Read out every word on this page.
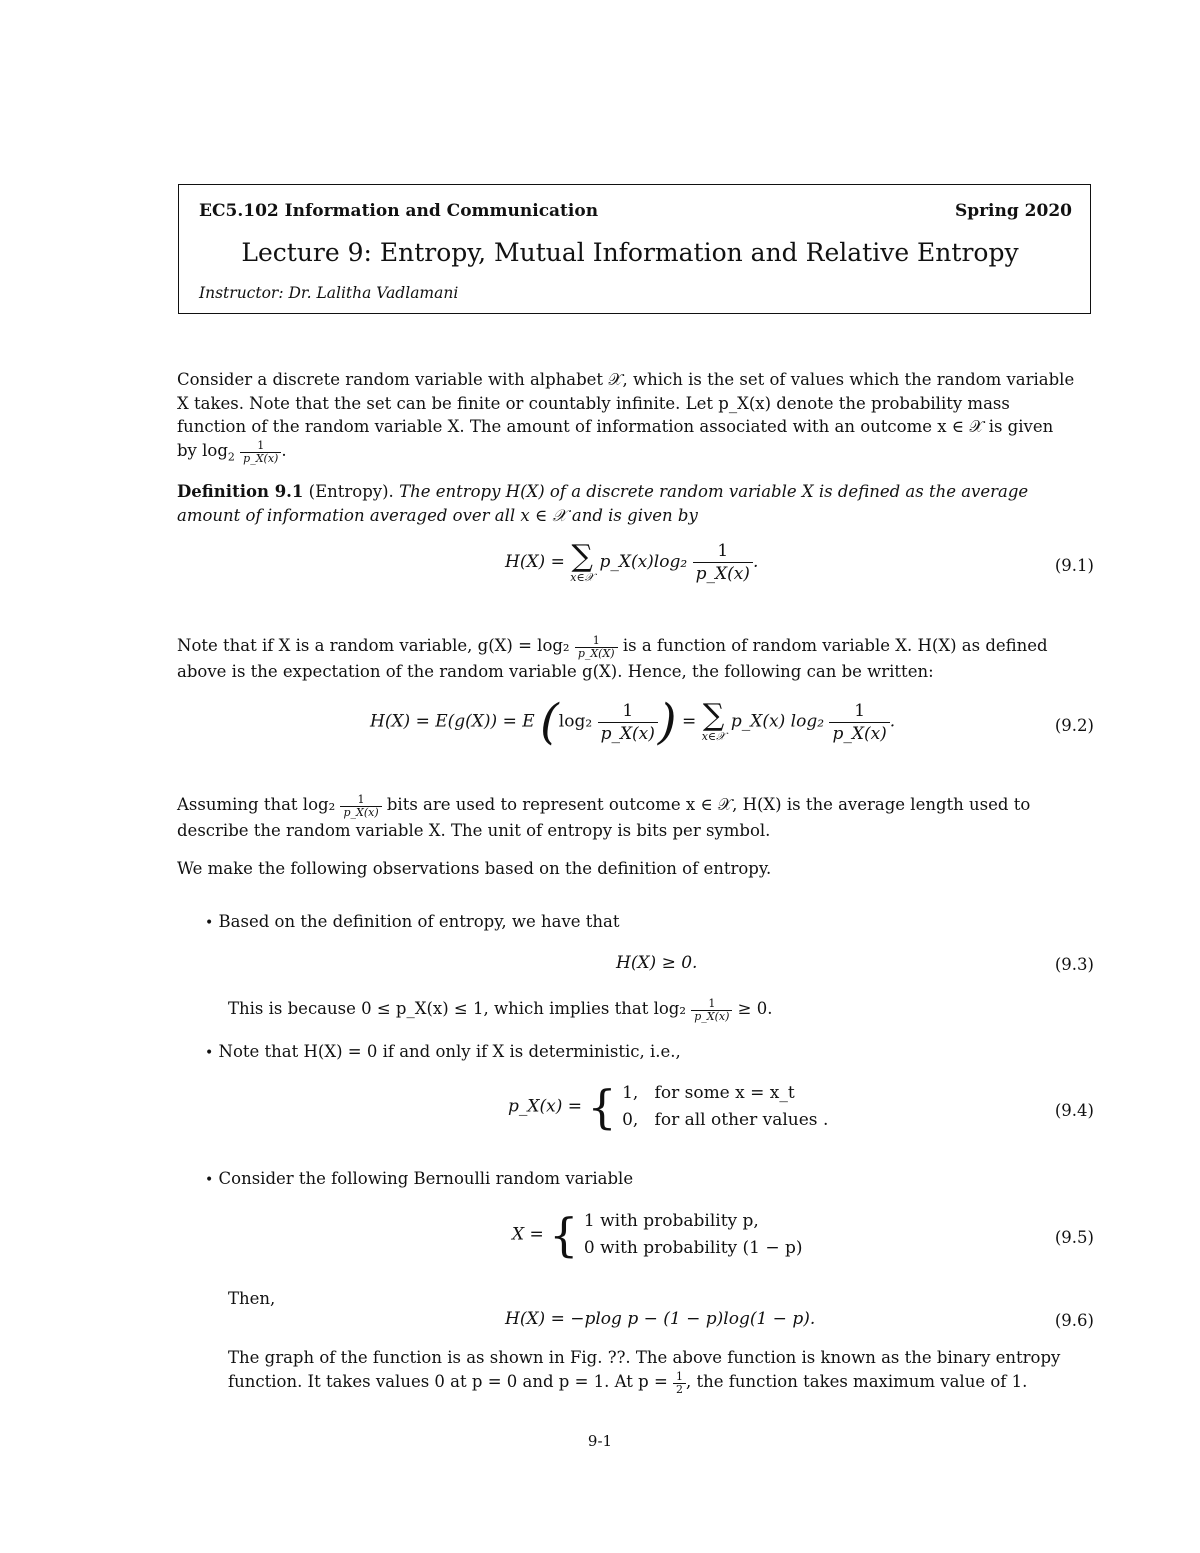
EC5.102 Information and Communication	Spring 2020
Lecture 9: Entropy, Mutual Information and Relative Entropy
Instructor: Dr. Lalitha Vadlamani
Consider a discrete random variable with alphabet 𝒳, which is the set of values which the random variable
X takes. Note that the set can be finite or countably infinite. Let p_X(x) denote the probability mass
function of the random variable X. The amount of information associated with an outcome x ∈ 𝒳 is given
by $\log_2 \frac{1}{p\_X(x)}$ .
Definition 9.1 (Entropy). The entropy H(X) of a discrete random variable X is defined as the average
amount of information averaged over all x ∈ 𝒳 and is given by
H(X) = ∑
x∈𝒳
p_X(x)log₂ $\frac{1}{p\_X(x)}$ .	(9.1)
Note that if X is a random variable, $g(X) = \log_2 \frac{1}{p\_X(X)}$ is a function of random variable X. H(X) as defined
above is the expectation of the random variable g(X). Hence, the following can be written:
H(X) = E(g(X)) = E ($\log_2 \frac{1}{p\_X(x)}$ ) = ∑
x∈𝒳
p_X(x) $\log_2 \frac{1}{p\_X(x)}$ .	(9.2)
Assuming that $\log_2 \frac{1}{p\_X(x)}$ bits are used to represent outcome x ∈ 𝒳, H(X) is the average length used to
describe the random variable X. The unit of entropy is bits per symbol.
We make the following observations based on the definition of entropy.
• Based on the definition of entropy, we have that
H(X) ≥ 0.	(9.3)
This is because 0 ≤ p_X(x) ≤ 1, which implies that $\log_2 \frac{1}{p\_X(x)} \ge 0$.
• Note that H(X) = 0 if and only if X is deterministic, i.e.,
p_X(x) = { 1, for some x = x_t
0, for all other values .	(9.4)
• Consider the following Bernoulli random variable
X = { 1 with probability p,
0 with probability (1 − p)
(9.5)
Then,
H(X) = −plog p − (1 − p)log(1 − p).	(9.6)
The graph of the function is as shown in Fig. ??. The above function is known as the binary entropy
function. It takes values 0 at p = 0 and p = 1. At $p = \frac{1}{2}$ , the function takes maximum value of 1.
9-1
